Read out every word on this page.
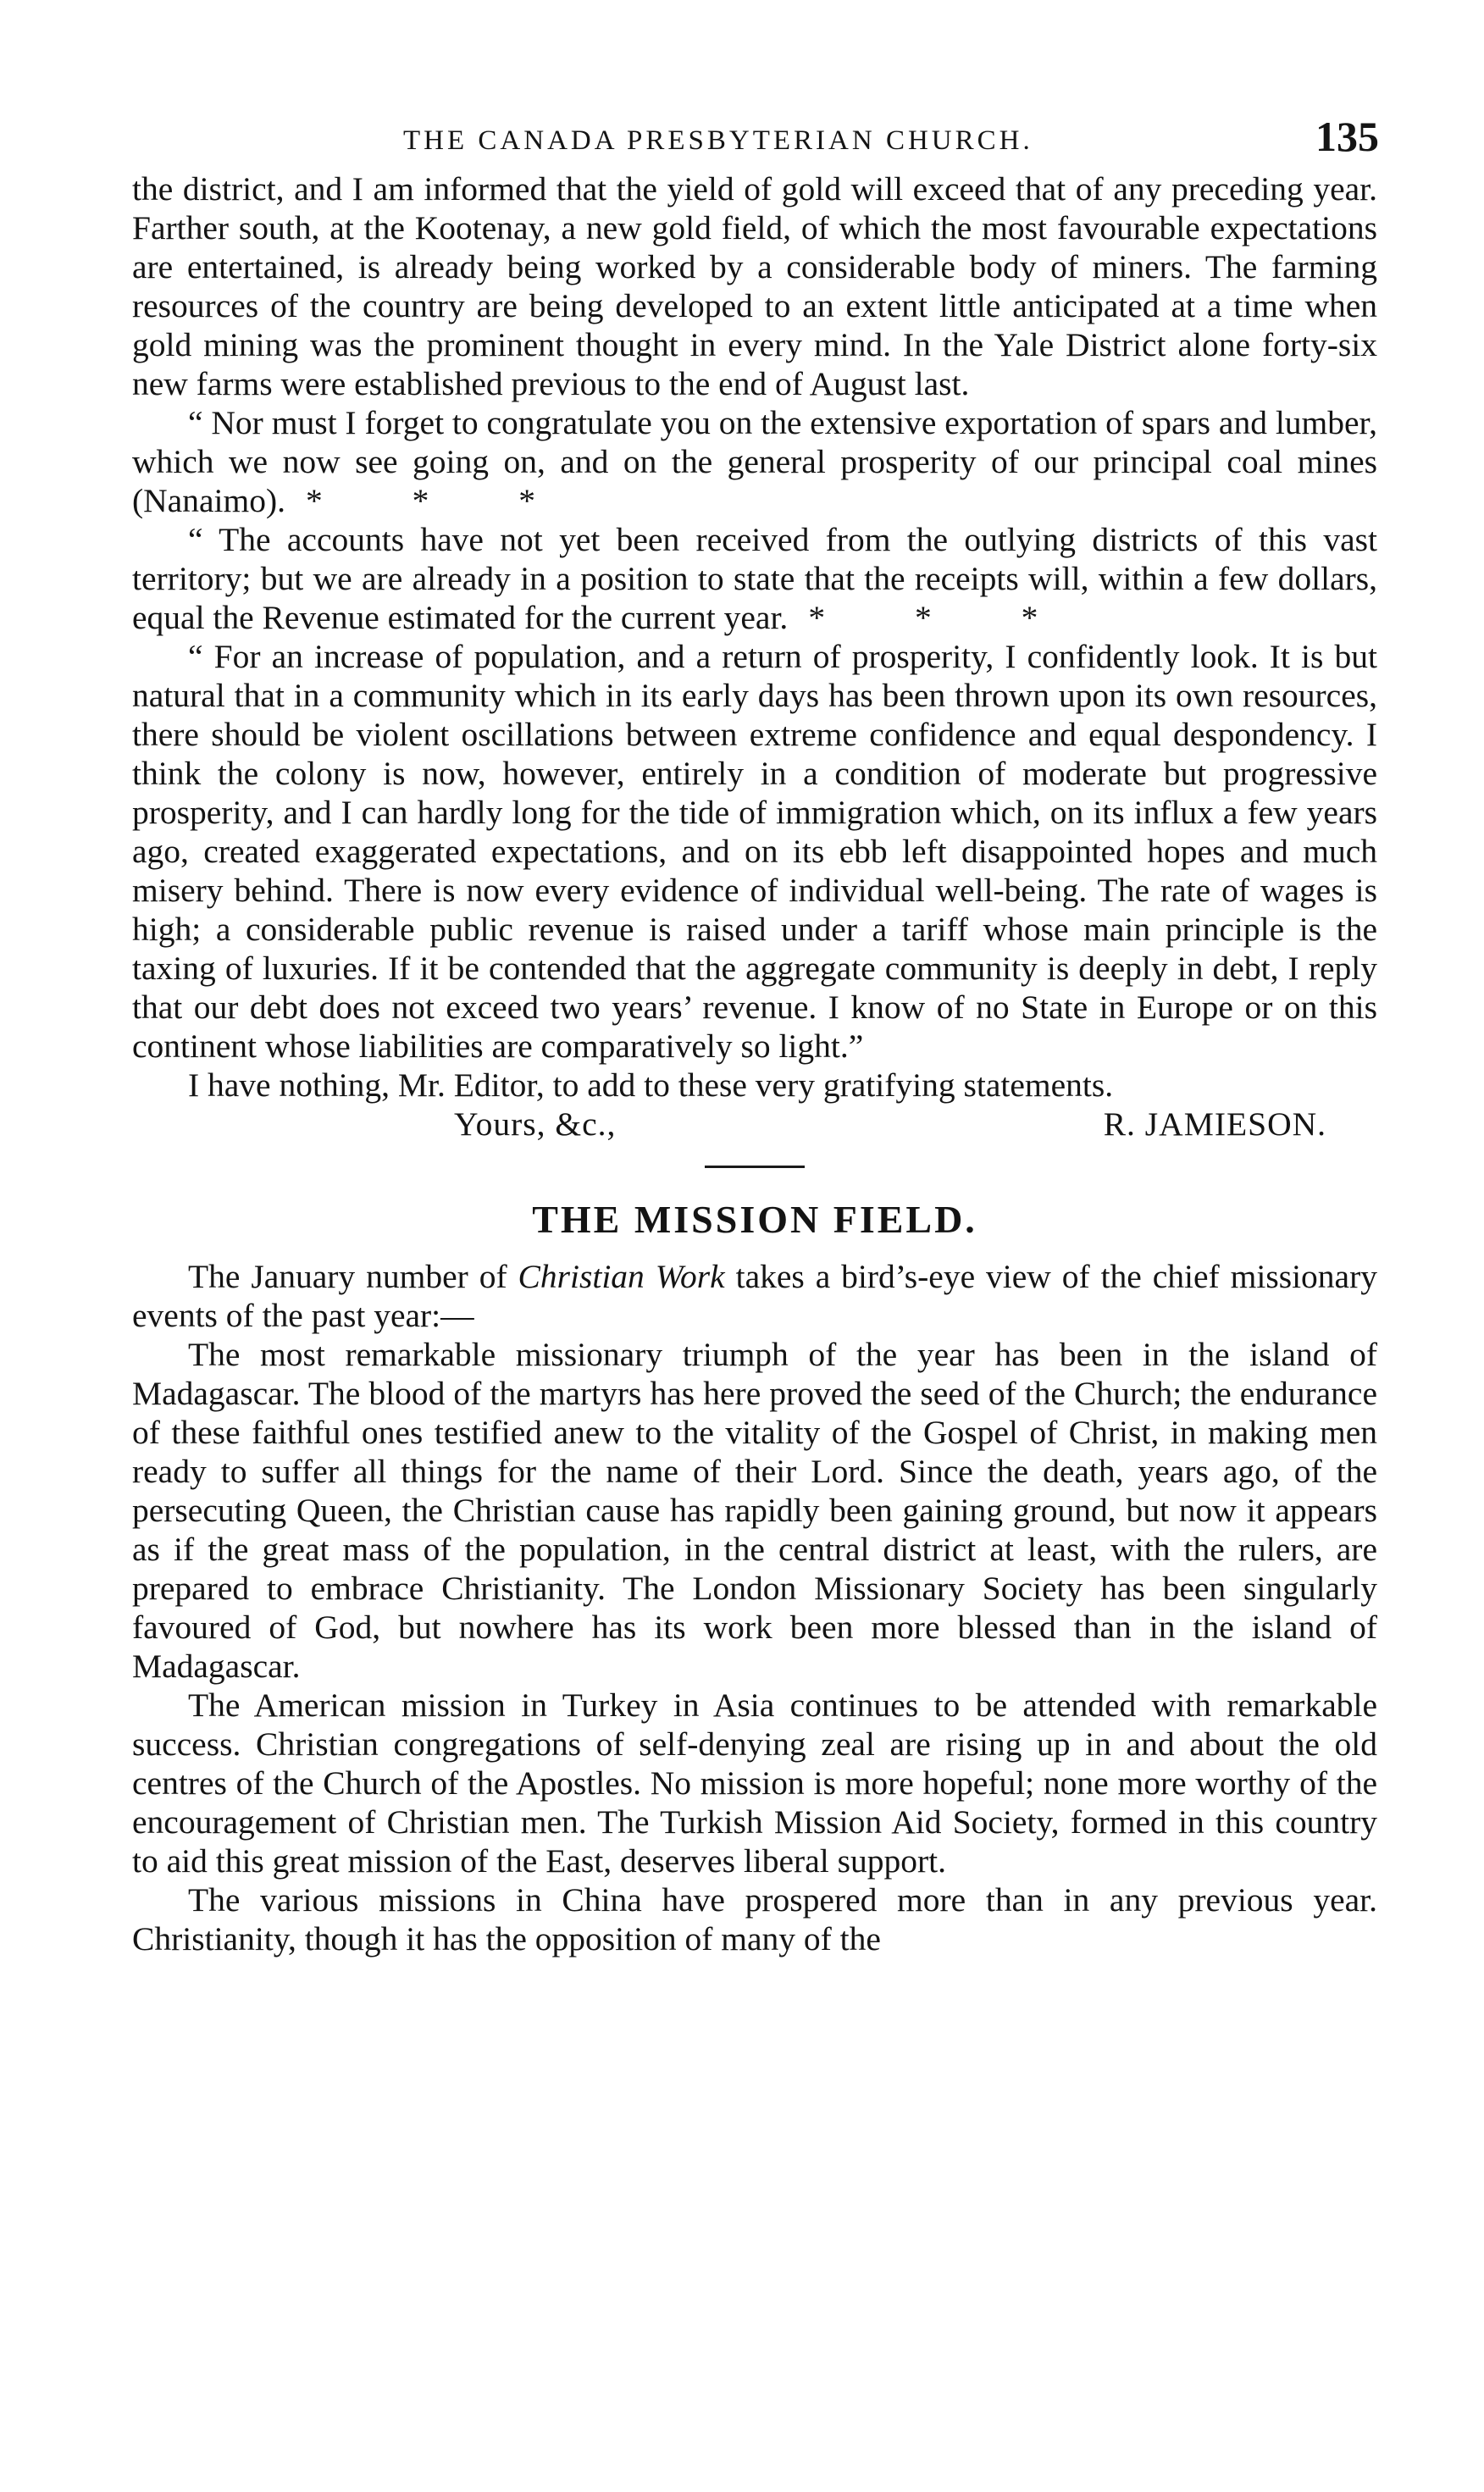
THE CANADA PRESBYTERIAN CHURCH.	135

the district, and I am informed that the yield of gold will exceed that of any preceding year. Farther south, at the Kootenay, a new gold field, of which the most favourable expectations are entertained, is already being worked by a considerable body of miners. The farming resources of the country are being developed to an extent little anticipated at a time when gold mining was the prominent thought in every mind. In the Yale District alone forty-six new farms were established previous to the end of August last.

“ Nor must I forget to congratulate you on the extensive exportation of spars and lumber, which we now see going on, and on the general prosperity of our principal coal mines (Nanaimo). * * *

“ The accounts have not yet been received from the outlying districts of this vast territory; but we are already in a position to state that the receipts will, within a few dollars, equal the Revenue estimated for the current year. * * *

“ For an increase of population, and a return of prosperity, I confidently look. It is but natural that in a community which in its early days has been thrown upon its own resources, there should be violent oscillations between extreme confidence and equal despondency. I think the colony is now, however, entirely in a condition of moderate but progressive prosperity, and I can hardly long for the tide of immigration which, on its influx a few years ago, created exaggerated expectations, and on its ebb left disappointed hopes and much misery behind. There is now every evidence of individual well-being. The rate of wages is high; a considerable public revenue is raised under a tariff whose main principle is the taxing of luxuries. If it be contended that the aggregate community is deeply in debt, I reply that our debt does not exceed two years’ revenue. I know of no State in Europe or on this continent whose liabilities are comparatively so light.”

I have nothing, Mr. Editor, to add to these very gratifying statements.

Yours, &c.,	R. JAMIESON.
THE MISSION FIELD.

The January number of Christian Work takes a bird’s-eye view of the chief missionary events of the past year:—

The most remarkable missionary triumph of the year has been in the island of Madagascar. The blood of the martyrs has here proved the seed of the Church; the endurance of these faithful ones testified anew to the vitality of the Gospel of Christ, in making men ready to suffer all things for the name of their Lord. Since the death, years ago, of the persecuting Queen, the Christian cause has rapidly been gaining ground, but now it appears as if the great mass of the population, in the central district at least, with the rulers, are prepared to embrace Christianity. The London Missionary Society has been singularly favoured of God, but nowhere has its work been more blessed than in the island of Madagascar.

The American mission in Turkey in Asia continues to be attended with remarkable success. Christian congregations of self-denying zeal are rising up in and about the old centres of the Church of the Apostles. No mission is more hopeful; none more worthy of the encouragement of Christian men. The Turkish Mission Aid Society, formed in this country to aid this great mission of the East, deserves liberal support.

The various missions in China have prospered more than in any previous year. Christianity, though it has the opposition of many of the
